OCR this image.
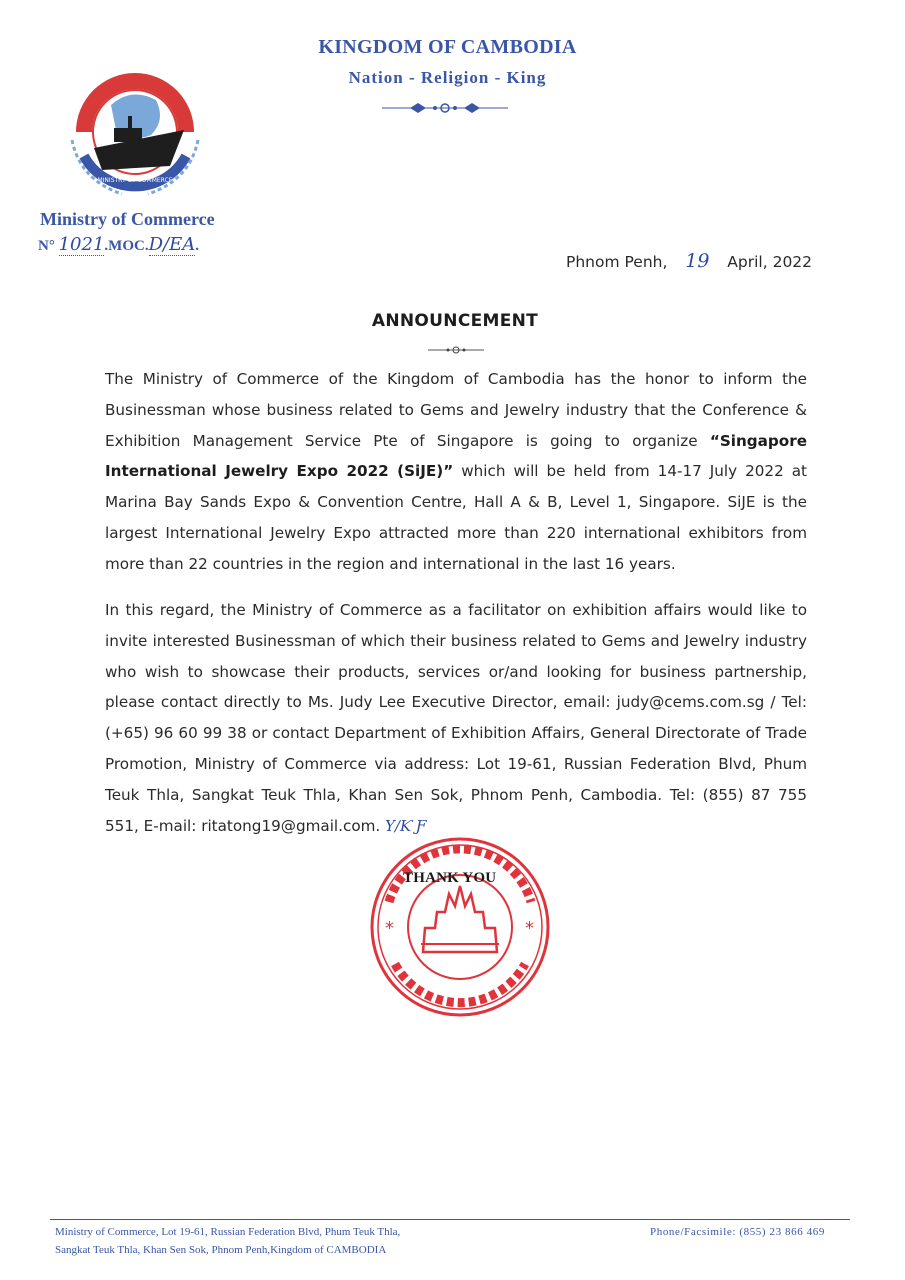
KINGDOM OF CAMBODIA
Nation - Religion - King
MINISTRY OF COMMERCE
Ministry of Commerce
N° 1021.MOC.D/EA.
Phnom Penh, 19 April, 2022
ANNOUNCEMENT
The Ministry of Commerce of the Kingdom of Cambodia has the honor to inform the Businessman whose business related to Gems and Jewelry industry that the Conference & Exhibition Management Service Pte of Singapore is going to organize “Singapore International Jewelry Expo 2022 (SiJE)” which will be held from 14-17 July 2022 at Marina Bay Sands Expo & Convention Centre, Hall A & B, Level 1, Singapore. SiJE is the largest International Jewelry Expo attracted more than 220 international exhibitors from more than 22 countries in the region and international in the last 16 years.
In this regard, the Ministry of Commerce as a facilitator on exhibition affairs would like to invite interested Businessman of which their business related to Gems and Jewelry industry who wish to showcase their products, services or/and looking for business partnership, please contact directly to Ms. Judy Lee Executive Director, email: judy@cems.com.sg / Tel: (+65) 96 60 99 38 or contact Department of Exhibition Affairs, General Directorate of Trade Promotion, Ministry of Commerce via address: Lot 19-61, Russian Federation Blvd, Phum Teuk Thla, Sangkat Teuk Thla, Khan Sen Sok, Phnom Penh, Cambodia. Tel: (855) 87 755 551, E-mail: ritatong19@gmail.com. Υ∕Ƙ Ƒ
*	*
THANK YOU
Ministry of Commerce, Lot 19-61, Russian Federation Blvd, Phum Teuk Thla,
Sangkat Teuk Thla, Khan Sen Sok, Phnom Penh,Kingdom of CAMBODIA
Phone/Facsimile: (855) 23 866 469
